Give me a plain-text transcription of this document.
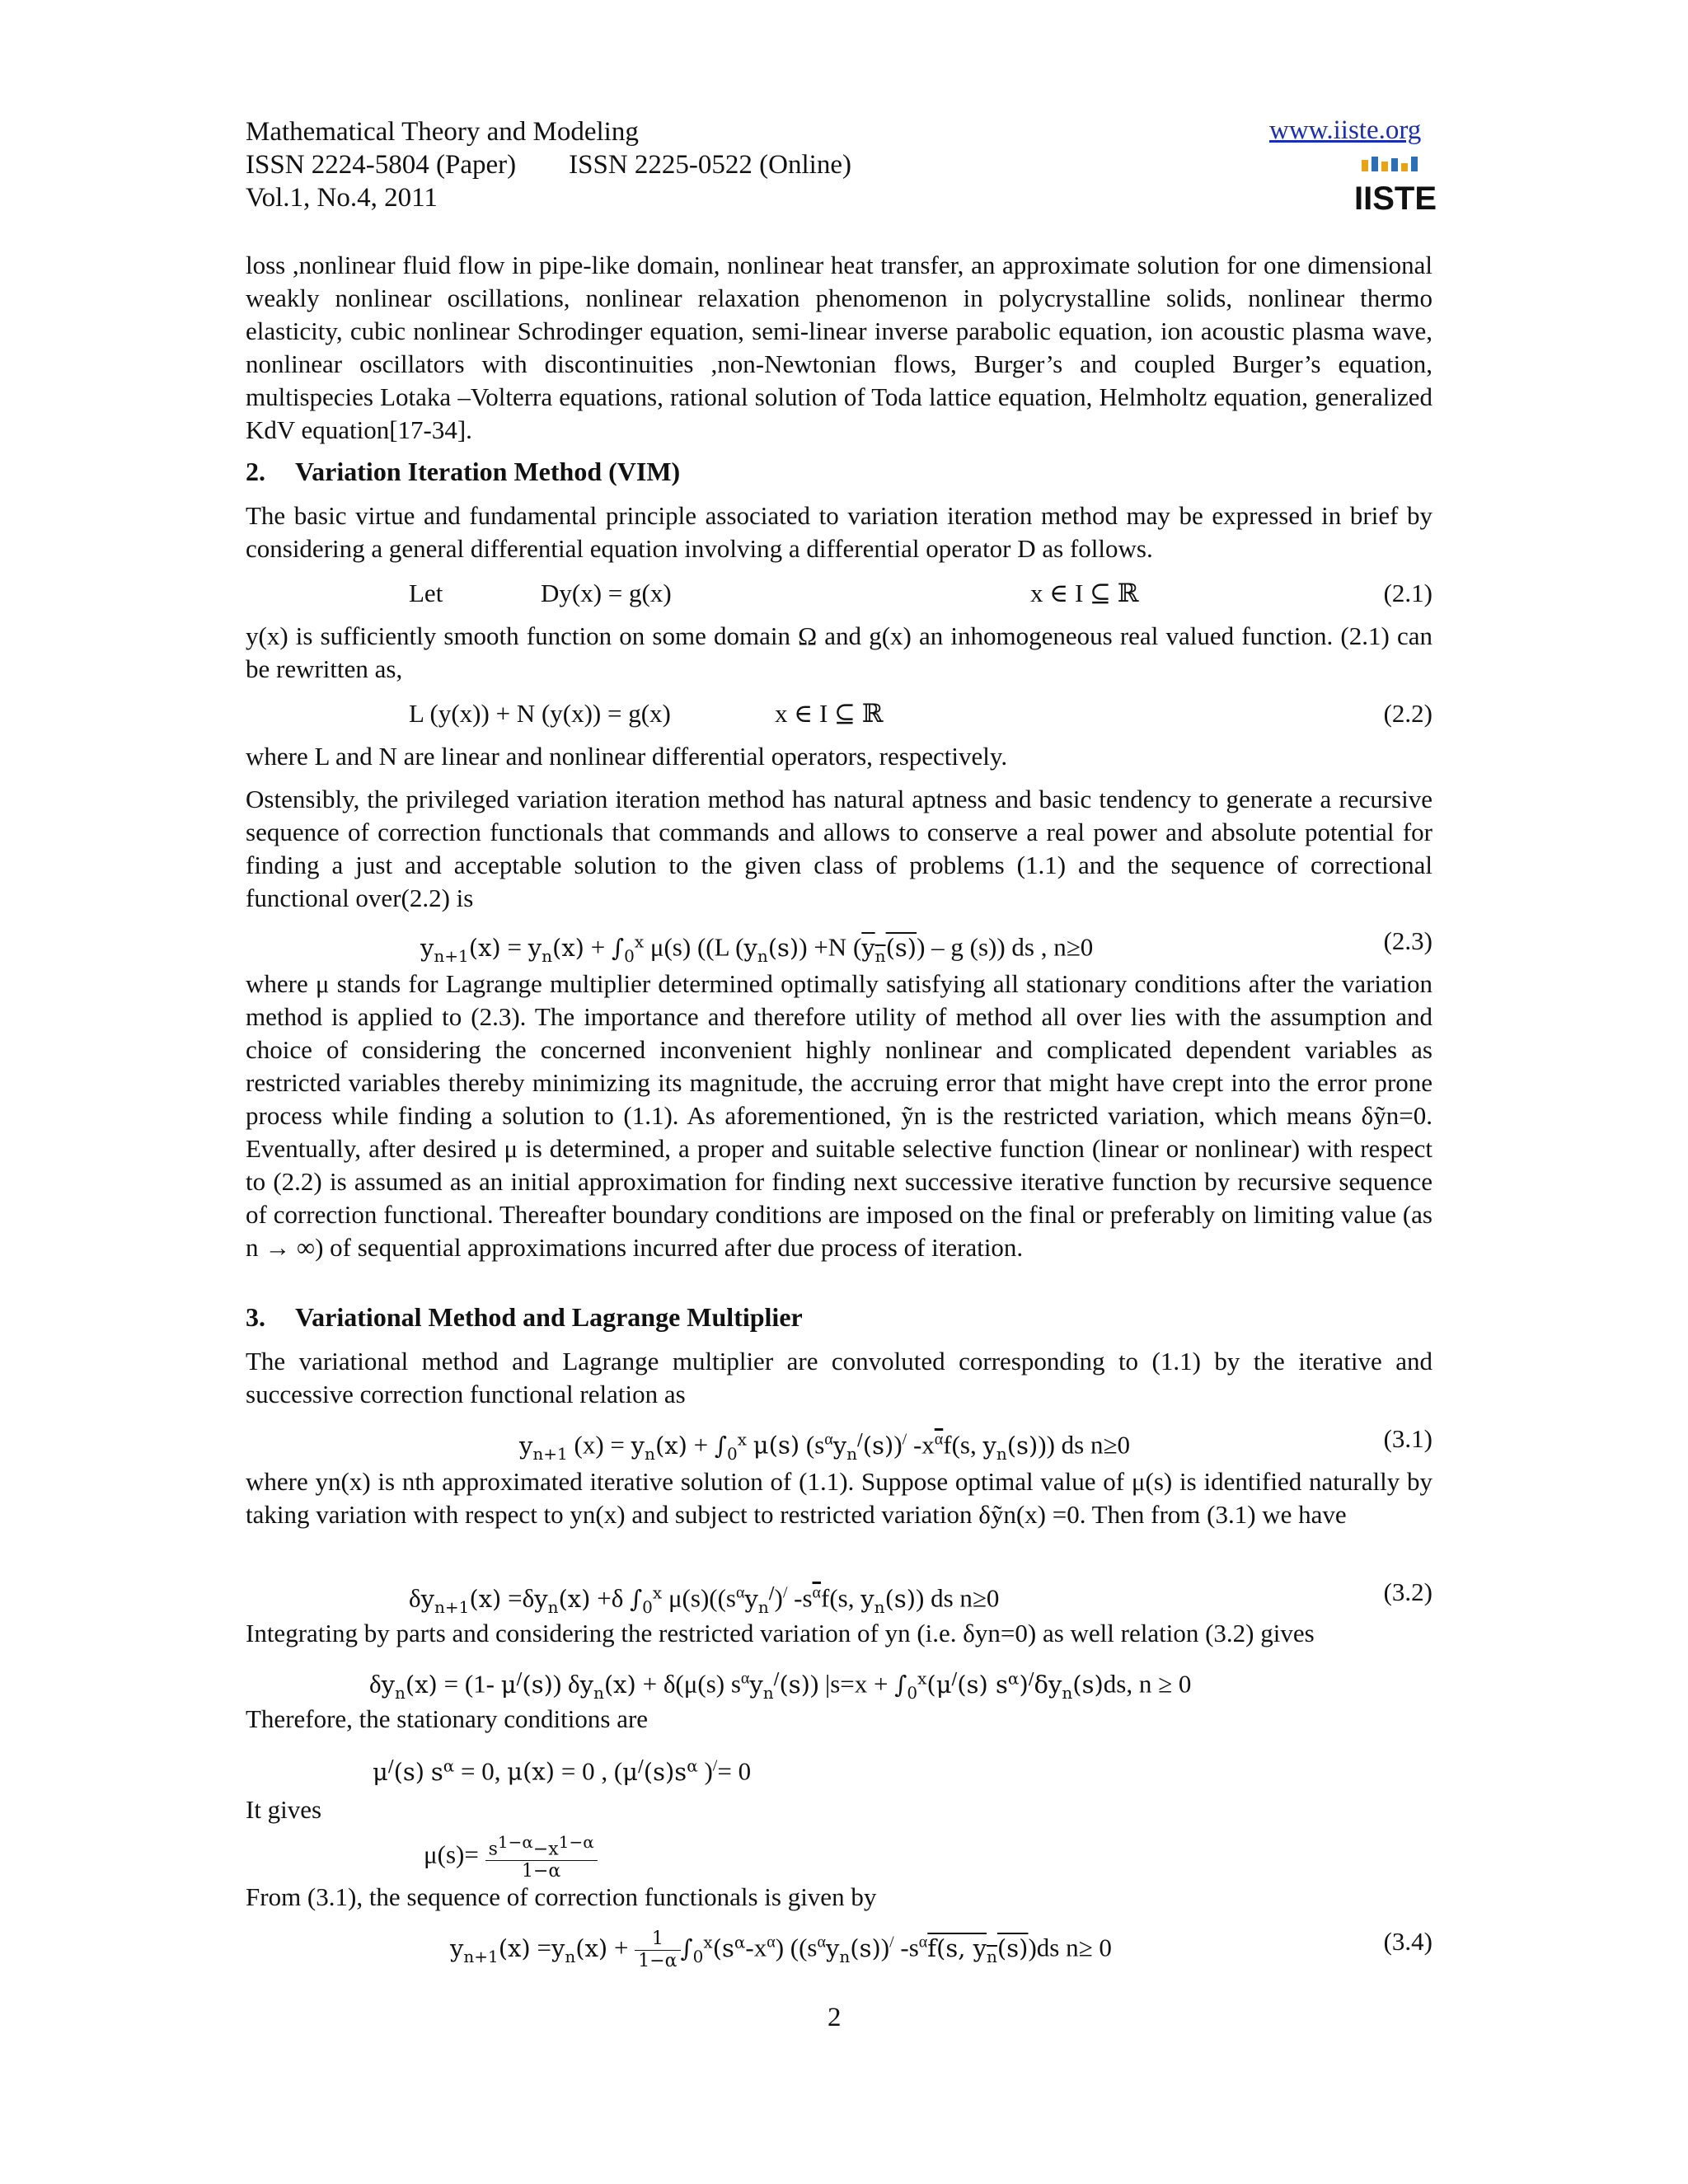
Mathematical Theory and Modeling
ISSN 2224-5804 (Paper) ISSN 2225-0522 (Online)
Vol.1, No.4, 2011
www.iiste.org
IISTE
loss ,nonlinear fluid flow in pipe-like domain, nonlinear heat transfer, an approximate solution for one dimensional weakly nonlinear oscillations, nonlinear relaxation phenomenon in polycrystalline solids, nonlinear thermo elasticity, cubic nonlinear Schrodinger equation, semi-linear inverse parabolic equation, ion acoustic plasma wave, nonlinear oscillators with discontinuities ,non-Newtonian flows, Burger’s and coupled Burger’s equation, multispecies Lotaka –Volterra equations, rational solution of Toda lattice equation, Helmholtz equation, generalized KdV equation[17-34].
2. Variation Iteration Method (VIM)
The basic virtue and fundamental principle associated to variation iteration method may be expressed in brief by considering a general differential equation involving a differential operator D as follows.
Let	Dy(x) = g(x)	x ∈ I ⊆ ℝ	(2.1)
y(x) is sufficiently smooth function on some domain Ω and g(x) an inhomogeneous real valued function. (2.1) can be rewritten as,
L (y(x)) + N (y(x)) = g(x)	x ∈ I ⊆ ℝ	(2.2)
where L and N are linear and nonlinear differential operators, respectively.
Ostensibly, the privileged variation iteration method has natural aptness and basic tendency to generate a recursive sequence of correction functionals that commands and allows to conserve a real power and absolute potential for finding a just and acceptable solution to the given class of problems (1.1) and the sequence of correctional functional over(2.2) is
$y_{n+1}(x) = y_n(x) + \int_0^x$ μ(s) ((L $(y_n(s)) +N$ $(y_n(s))$ – g (s)) ds , n≥0	(2.3)
where μ stands for Lagrange multiplier determined optimally satisfying all stationary conditions after the variation method is applied to (2.3). The importance and therefore utility of method all over lies with the assumption and choice of considering the concerned inconvenient highly nonlinear and complicated dependent variables as restricted variables thereby minimizing its magnitude, the accruing error that might have crept into the error prone process while finding a solution to (1.1). As aforementioned, ỹn is the restricted variation, which means δỹn=0. Eventually, after desired μ is determined, a proper and suitable selective function (linear or nonlinear) with respect to (2.2) is assumed as an initial approximation for finding next successive iterative function by recursive sequence of correction functional. Thereafter boundary conditions are imposed on the final or preferably on limiting value (as n → ∞) of sequential approximations incurred after due process of iteration.
3. Variational Method and Lagrange Multiplier
The variational method and Lagrange multiplier are convoluted corresponding to (1.1) by the iterative and successive correction functional relation as
$y_{n+1}$ $(x) = y_n(x) + \int_0^x$ μ(s) $(s^\alpha y_n^/(s))^/$ $-x^{\overline{\alpha}}f(s$, $y_n(s)$)) ds n≥0	(3.1)
where yn(x) is nth approximated iterative solution of (1.1). Suppose optimal value of μ(s) is identified naturally by taking variation with respect to yn(x) and subject to restricted variation δỹn(x) =0. Then from (3.1) we have
$\delta y_{n+1}(x) =\delta y_n(x) +\delta$ $\int_0^x$ $\mu(s)((s^\alpha y_n^/)^/$ $-s^{\overline{\alpha}}f(s$, $y_n(s)$) ds n≥0	(3.2)
Integrating by parts and considering the restricted variation of yn (i.e. δyn=0) as well relation (3.2) gives
$\delta y_n(x) = (1-$ μ/(s)) $\delta y_n(x) + \delta(\mu(s)$ $s^\alpha y_n^/(s)$) $|s=x + \int_0^x(\mu^/(s)$ $s^\alpha)^/\delta y_n(s)ds$, n ≥ 0
Therefore, the stationary conditions are
μ/(s) $s^\alpha = 0$, μ(x) = 0 , ($\mu^/(s)s^\alpha$ )/= 0
It gives
$\mu(s)= \frac{s^{1-\alpha}-x^{1-\alpha}}{1-\alpha}$
From (3.1), the sequence of correction functionals is given by
$y_{n+1}(x) =y_n(x) + \frac{1}{1-\alpha} \int_0^x(s^\alpha-x^\alpha)$ ($(s^\alpha y_n(s))^/$ $-s^\alpha f(s$, $y_n(s))ds$ n≥ 0	(3.4)
2
